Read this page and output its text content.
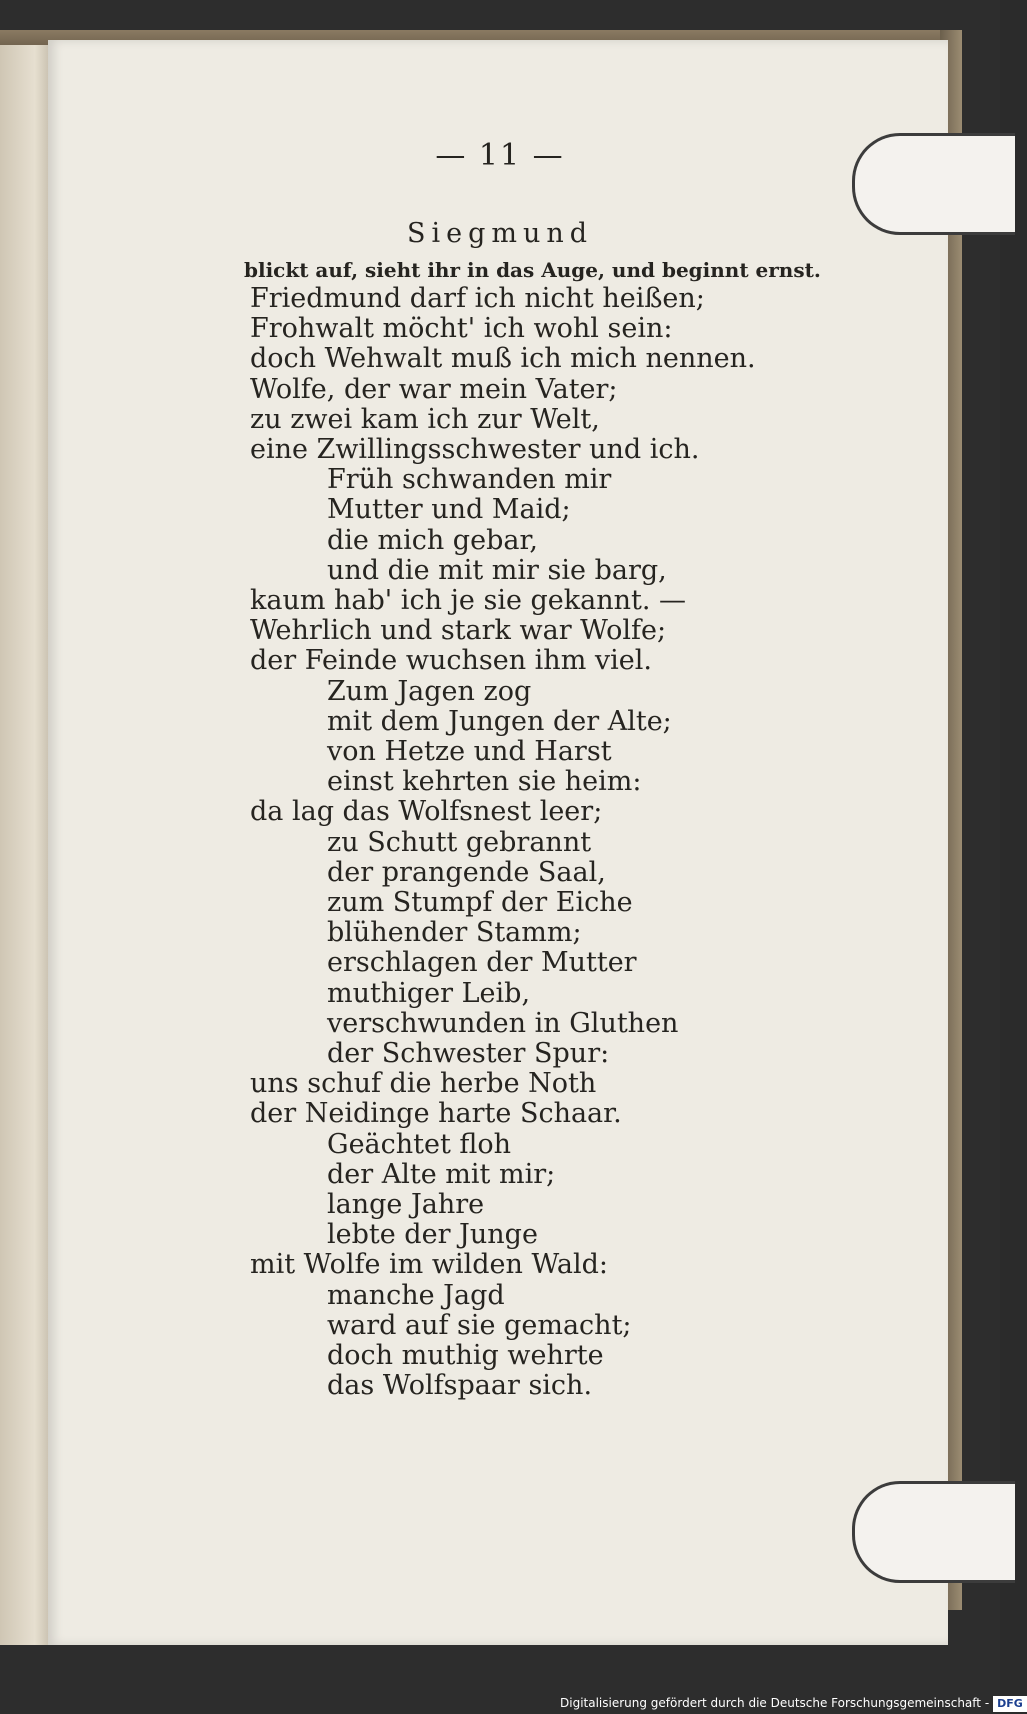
— 11 —
Siegmund
blickt auf, sieht ihr in das Auge, und beginnt ernst.
Friedmund darf ich nicht heißen;
Frohwalt möcht' ich wohl sein:
doch Wehwalt muß ich mich nennen.
Wolfe, der war mein Vater;
zu zwei kam ich zur Welt,
eine Zwillingsschwester und ich.
Früh schwanden mir
Mutter und Maid;
die mich gebar,
und die mit mir sie barg,
kaum hab' ich je sie gekannt. —
Wehrlich und stark war Wolfe;
der Feinde wuchsen ihm viel.
Zum Jagen zog
mit dem Jungen der Alte;
von Hetze und Harst
einst kehrten sie heim:
da lag das Wolfsnest leer;
zu Schutt gebrannt
der prangende Saal,
zum Stumpf der Eiche
blühender Stamm;
erschlagen der Mutter
muthiger Leib,
verschwunden in Gluthen
der Schwester Spur:
uns schuf die herbe Noth
der Neidinge harte Schaar.
Geächtet floh
der Alte mit mir;
lange Jahre
lebte der Junge
mit Wolfe im wilden Wald:
manche Jagd
ward auf sie gemacht;
doch muthig wehrte
das Wolfspaar sich.
Digitalisierung gefördert durch die Deutsche Forschungsgemeinschaft - DFG
